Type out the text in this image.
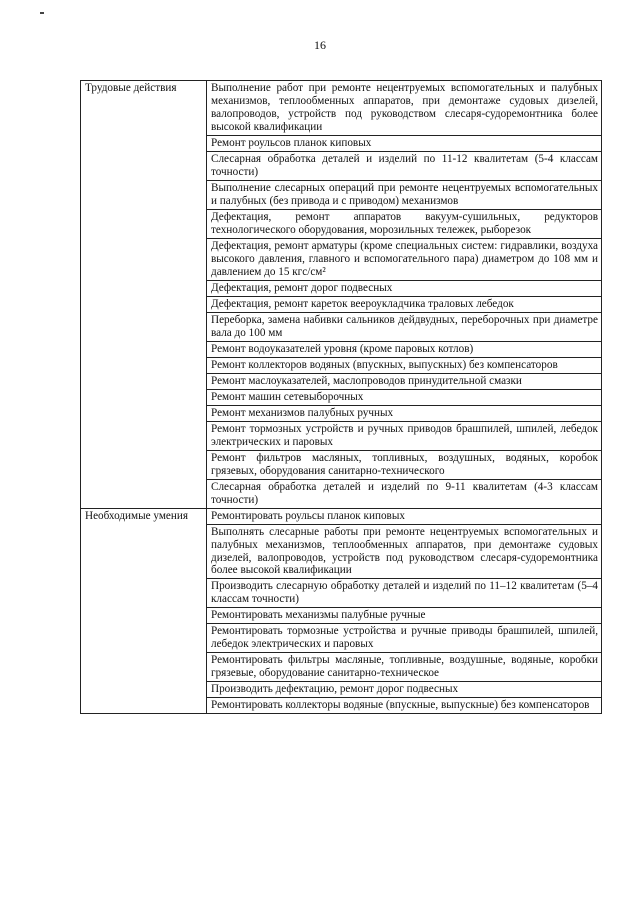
16
Трудовые действия	Выполнение работ при ремонте нецентруемых вспомогательных и палубных механизмов, теплообменных аппаратов, при демонтаже судовых дизелей, валопроводов, устройств под руководством слесаря-судоремонтника более высокой квалификации
	Ремонт роульсов планок киповых
	Слесарная обработка деталей и изделий по 11-12 квалитетам (5-4 классам точности)
	Выполнение слесарных операций при ремонте нецентруемых вспомогательных и палубных (без привода и с приводом) механизмов
	Дефектация, ремонт аппаратов вакуум-сушильных, редукторов технологического оборудования, морозильных тележек, рыборезок
	Дефектация, ремонт арматуры (кроме специальных систем: гидравлики, воздуха высокого давления, главного и вспомогательного пара) диаметром до 108 мм и давлением до 15 кгс/см²
	Дефектация, ремонт дорог подвесных
	Дефектация, ремонт кареток веероукладчика траловых лебедок
	Переборка, замена набивки сальников дейдвудных, переборочных при диаметре вала до 100 мм
	Ремонт водоуказателей уровня (кроме паровых котлов)
	Ремонт коллекторов водяных (впускных, выпускных) без компенсаторов
	Ремонт маслоуказателей, маслопроводов принудительной смазки
	Ремонт машин сетевыборочных
	Ремонт механизмов палубных ручных
	Ремонт тормозных устройств и ручных приводов брашпилей, шпилей, лебедок электрических и паровых
	Ремонт фильтров масляных, топливных, воздушных, водяных, коробок грязевых, оборудования санитарно-технического
	Слесарная обработка деталей и изделий по 9-11 квалитетам (4-3 классам точности)
Необходимые умения	Ремонтировать роульсы планок киповых
	Выполнять слесарные работы при ремонте нецентруемых вспомогательных и палубных механизмов, теплообменных аппаратов, при демонтаже судовых дизелей, валопроводов, устройств под руководством слесаря-судоремонтника более высокой квалификации
	Производить слесарную обработку деталей и изделий по 11–12 квалитетам (5–4 классам точности)
	Ремонтировать механизмы палубные ручные
	Ремонтировать тормозные устройства и ручные приводы брашпилей, шпилей, лебедок электрических и паровых
	Ремонтировать фильтры масляные, топливные, воздушные, водяные, коробки грязевые, оборудование санитарно-техническое
	Производить дефектацию, ремонт дорог подвесных
	Ремонтировать коллекторы водяные (впускные, выпускные) без компенсаторов
